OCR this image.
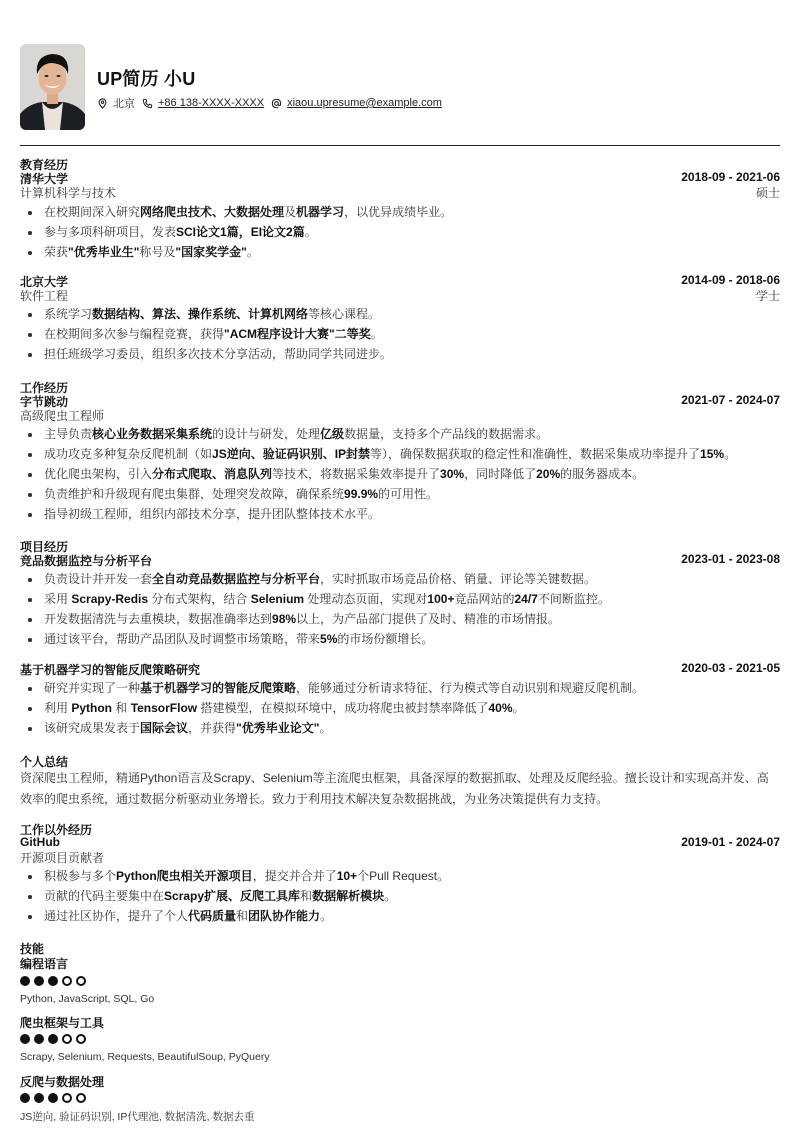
UP简历 小U
北京 +86 138-XXXX-XXXX xiaou.upresume@example.com
教育经历
清华大学	2018-09 - 2021-06
计算机科学与技术	硕士
在校期间深入研究网络爬虫技术、大数据处理及机器学习，以优异成绩毕业。
参与多项科研项目，发表SCI论文1篇，EI论文2篇。
荣获"优秀毕业生"称号及"国家奖学金"。
北京大学	2014-09 - 2018-06
软件工程	学士
系统学习数据结构、算法、操作系统、计算机网络等核心课程。
在校期间多次参与编程竞赛，获得"ACM程序设计大赛"二等奖。
担任班级学习委员，组织多次技术分享活动，帮助同学共同进步。
工作经历
字节跳动	2021-07 - 2024-07
高级爬虫工程师
主导负责核心业务数据采集系统的设计与研发，处理亿级数据量，支持多个产品线的数据需求。
成功攻克多种复杂反爬机制（如JS逆向、验证码识别、IP封禁等），确保数据获取的稳定性和准确性，数据采集成功率提升了15%。
优化爬虫架构，引入分布式爬取、消息队列等技术，将数据采集效率提升了30%，同时降低了20%的服务器成本。
负责维护和升级现有爬虫集群，处理突发故障，确保系统99.9%的可用性。
指导初级工程师，组织内部技术分享，提升团队整体技术水平。
项目经历
竞品数据监控与分析平台	2023-01 - 2023-08
负责设计并开发一套全自动竞品数据监控与分析平台，实时抓取市场竞品价格、销量、评论等关键数据。
采用 Scrapy-Redis 分布式架构，结合 Selenium 处理动态页面，实现对100+竞品网站的24/7不间断监控。
开发数据清洗与去重模块，数据准确率达到98%以上，为产品部门提供了及时、精准的市场情报。
通过该平台，帮助产品团队及时调整市场策略，带来5%的市场份额增长。
基于机器学习的智能反爬策略研究	2020-03 - 2021-05
研究并实现了一种基于机器学习的智能反爬策略，能够通过分析请求特征、行为模式等自动识别和规避反爬机制。
利用 Python 和 TensorFlow 搭建模型，在模拟环境中，成功将爬虫被封禁率降低了40%。
该研究成果发表于国际会议，并获得"优秀毕业论文"。
个人总结
资深爬虫工程师，精通Python语言及Scrapy、Selenium等主流爬虫框架，具备深厚的数据抓取、处理及反爬经验。擅长设计和实现高并发、高效率的爬虫系统，通过数据分析驱动业务增长。致力于利用技术解决复杂数据挑战，为业务决策提供有力支持。
工作以外经历
GitHub	2019-01 - 2024-07
开源项目贡献者
积极参与多个Python爬虫相关开源项目，提交并合并了10+个Pull Request。
贡献的代码主要集中在Scrapy扩展、反爬工具库和数据解析模块。
通过社区协作，提升了个人代码质量和团队协作能力。
技能
编程语言
Python, JavaScript, SQL, Go
爬虫框架与工具
Scrapy, Selenium, Requests, BeautifulSoup, PyQuery
反爬与数据处理
JS逆向, 验证码识别, IP代理池, 数据清洗, 数据去重
